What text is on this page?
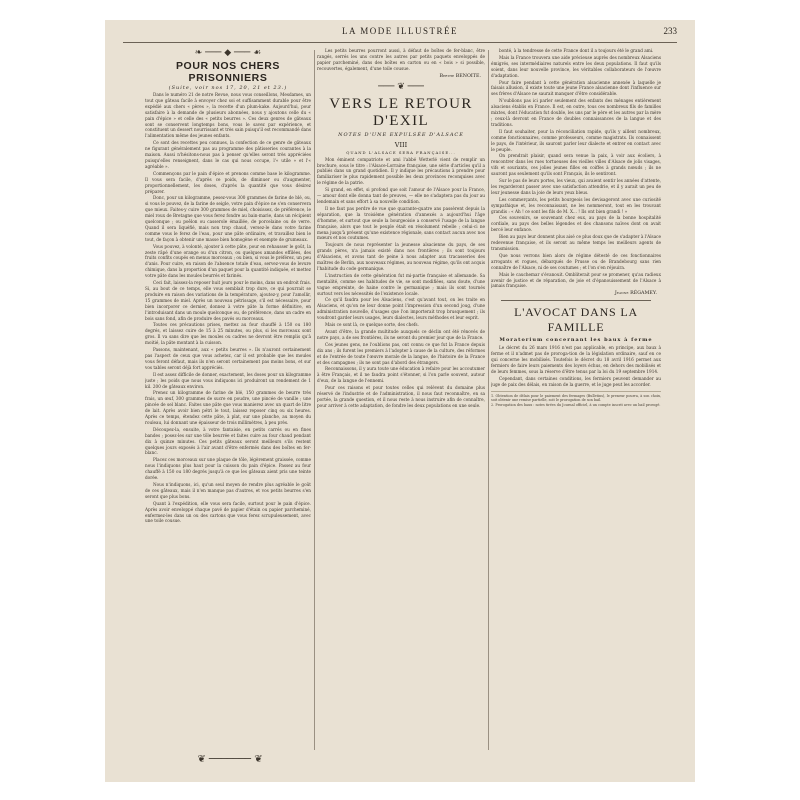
LA MODE ILLUSTRÉE	233
❧ ─── ◆ ─── ☙
POUR NOS CHERS PRISONNIERS
(Suite, voir nos 17, 20, 21 et 23.)

Dans le numéro 21 de notre Revue, nous vous conseillons, Mesdames, un tout que gâteau facile à envoyer chez soi et suffisamment durable pour être expédié aux chers « pères », la recette d'un plum-kake. Aujourd'hui, pour satisfaire à la demande de plusieurs abonnées, nous y ajoutons celle du « pain d'épice » et celle des « petits beurres ». Ces deux genres de gâteaux sont se conservent longtemps bons, vous le savez par expérience, et constituent un dessert nourrissant et très sain puisqu'il est recommandé dans l'alimentation même des jeunes enfants.

Ce sont des recettes peu connues, la confection de ce genre de gâteaux ne figurant généralement pas au programme des pâtisseries courantes à la maison. Aussi n'hésitons-nous pas à penser qu'elles seront très appréciées puisqu'elles renseignent, dans le cas qui nous occupe, l'« utile » et l'« agréable ».

Commençons par le pain d'épice et prenons comme base le kilogramme. Il vous sera facile, d'après ce poids, de diminuer ou d'augmenter, proportionnellement, les doses, d'après la quantité que vous désirez préparer.

Donc, pour un kilogramme, pesez-vous 300 grammes de farine de blé, ou, si vous le pouvez, de la farine de seigle, votre pain d'épice ne s'en conservera que mieux. Faites-y cuire 300 grammes de miel, choisissez, de préférence, le miel roux de Bretagne que vous ferez fondre au bain-marie, dans un récipient quelconque ; ou poêlon ou casserole émaillée, de porcelaine ou de verre. Quand il sera liquéfié, mais non trop chaud, versez-le dans votre farine comme vous le ferez de l'eau, pour une pâte ordinaire, et travaillez bien le tout, de façon à obtenir une masse bien homogène et exempte de grumeaux.

Vous pouvez, à volonté, ajouter à cette pâte, pour en rehausser le goût, la zeste râpé d'une orange ou d'un citron, ou quelques amandes effilées, des fruits confits coupés en menus morceaux ; ou bien, si vous le préférez, un peu d'anis. Pour cuire, en raison de l'absence totale d'eau, servez-vous de levure chimique, dans la proportion d'un paquet pour la quantité indiquée, et mettez votre pâte dans les moules beurrés et farinés.

Ceci fait, laissez-la reposer huit jours pour le moins, dans un endroit frais. Si, au bout de ce temps, elle vous semblait trop dure, ce qui pourrait se produire en raison des variations de la température, ajoutez-y, pour l'amollir, 15 grammes de miel. Après un nouveau pétrissage, s'il est nécessaire, pour bien incorporer ce dernier, donnez à votre pâte la forme définitive, en l'introduisant dans un moule quelconque ou, de préférence, dans un cadre en bois sans fond, afin de produire des pavés ou morceaux.

Toutes ces précautions prises, mettez au four chauffé à 150 ou 180 degrés, et laissez cuire de 15 à 25 minutes, ou plus, si les morceaux sont gros. Il va sans dire que les moules ou cadres ne devront être remplis qu'à moitié, la pâte montant à la cuisson.

Passons, maintenant, aux « petits beurres ». Ils n'auront certainement pas l'aspect de ceux que vous achetez, car il est probable que les moules vous feront défaut, mais ils n'en seront certainement pas moins bons, et sur vos tables seront déjà fort appréciés.

Il est assez difficile de donner, exactement, les doses pour un kilogramme juste ; les poids que nous vous indiquons ici produiront un rendement de 1 kil. 200 de gâteaux environ.

Prenez un kilogramme de farine de blé, 150 grammes de beurre très frais, un œuf, 300 grammes de sucre en poudre, une pincée de vanille ; une pincée de sel blanc. Faites une pâte que vous manierez avec un quart de litre de lait. Après avoir bien pétri le tout, laissez reposer cinq ou six heures. Après ce temps, étendez cette pâte, à plat, sur une planche, au moyen du rouleau, lui donnant une épaisseur de trois millimètres, à peu près.

Découpez-la, ensuite, à votre fantaisie, en petits carrés ou en fines bandes ; posez-les sur une tôle beurrée et faites cuire au four chaud pendant dix à quinze minutes. Ces petits gâteaux seront meilleurs s'ils restent quelques jours exposés à l'air avant d'être enfermés dans des boîtes en fer-blanc.

Placez ces morceaux sur une plaque de tôle, légèrement graissée, comme nous l'indiquons plus haut pour la cuisson du pain d'épice. Passez au four chauffé à 150 ou 180 degrés jusqu'à ce que les gâteaux aient pris une teinte dorée.

Nous n'indiquons, ici, qu'un seul moyen de rendre plus agréable le goût de ces gâteaux, mais il n'en manque pas d'autres, et vos petits beurres s'en seront que plus bons.

Quant à l'expédition, elle vous sera facile, surtout pour le pain d'épice. Après avoir enveloppé chaque pavé de papier d'étain ou papier parcheminé, enfermez-les dans un ou des cartons que vous ferez scrupuleusement, avec une toile cousue.

❦ ─────── ❦

Les petits beurres pourront aussi, à défaut de boîtes de fer-blanc, être rangés, serrés les uns contre les autres par petits paquets enveloppés de papier parcheminé, dans des boîtes en carton ou en « bois » si possible, recouvertes, également, d'une toile cousue.

Berthe BENOITE.
─── ❦ ───
VERS LE RETOUR D'EXIL
NOTES D'UNE EXPULSÉE D'ALSACE
VIII
QUAND L'ALSACE SERA FRANÇAISE...

Mon éminent compatriote et ami l'abbé Wetterlé vient de remplir un brochure, sous le titre : l'Alsace-Lorraine française, une série d'articles qu'il a publiés dans un grand quotidien. Il y indique les précautions à prendre pour familiariser le plus rapidement possible les deux provinces reconquises avec le régime de la patrie.

Si grand, en effet, si profond que soit l'amour de l'Alsace pour la France, — amour dont elle donna tant de preuves, — elle ne s'adaptera pas du jour au lendemain et sans effort à sa nouvelle condition.

Il ne faut pas perdre de vue que quarante-quatre ans passèrent depuis la séparation, que la troisième génération d'annexés a aujourd'hui l'âge d'homme, et surtout que seule la bourgeoisie a conservé l'usage de la langue française, alors que tout le peuple était en résolument rebelle ; celui-ci ne mena jusqu'à présent qu'une existence régionale, sans contact aucun avec nos mœurs et nos coutumes.

Toujours de nous représenter la jeunesse alsacienne du pays, de ses grands pères, n'a jamais existé dans nos frontières ; ils sont toujours d'Alsaciens, et avons tant de peine à nous adapter aux tracasseries des maîtres de Berlin, aux nouveaux régimes, au nouveau régime, qu'ils ont acquis l'habitude du code germanique.

L'instruction de cette génération fut mi-partie française et allemande. Sa mentalité, comme ses habitudes de vie, se sont modifiées, sans doute, d'une vague empreinte, de haine contre le germanique ; mais ils sont tournés surtout vers les nécessités de l'existence locale.

Ce qu'il faudra pour les Alsaciens, c'est qu'avant tout, on les traite en Alsaciens, et qu'on ne leur donne point l'impression d'un second joug, d'une administration nouvelle, d'usages que l'on importerait trop brusquement ; ils voudront garder leurs usages, leurs dialectes, leurs méthodes et leur esprit.

Mais ce sont là, ce quelque sorte, des chefs.

Avant d'être, la grande multitude auxquels ce déclin ont été rénovés de notre pays, a de ses frontières, ils ne seront du premier jour que de la France.

Ces jeunes gens, ne l'oublions pas, ont connu ce que fut la France depuis dix ans ; ils furent les premiers à l'adopter à cause de la culture, des réformes et de l'entrée de toute l'œuvre morale de la langue, de l'histoire de la France et des campagnes ; ils ne sont pas d'abord des étrangers.

Reconnaissons, il y aura toute une éducation à refaire pour les accoutumer à être Français, et il ne faudra point s'étonner, si l'on parle souvent, autour d'eux, de la langue de l'ennemi.

Pour ces raisons et pour toutes celles qui relèvent du domaine plus réservé de l'industrie et de l'administration, il nous faut reconnaître, en sa portée, la grande question, et il nous reste à nous instruire afin de connaître, pour arriver à cette adaptation, de fondre les deux populations en une seule.

bonté, à la tendresse de cette France dont il a toujours été le grand ami.

Mais la France trouvera une aide précieuse auprès des nombreux Alsaciens émigrés, ses intermédiaires naturels entre les deux populations. Il faut qu'ils soient, dans leur nouvelle province, les véritables collaborateurs de l'œuvre d'adaptation.

Pour faire pendant à cette génération alsacienne annexée à laquelle je faisais allusion, il existe toute une jeune France alsacienne dont l'influence sur ses frères d'Alsace ne saurait manquer d'être considérable.

N'oublions pas ici parler seulement des enfants des ménages entièrement alsaciens établis en France. Il est, en outre, tous ces nombreux fils de familles mixtes, dont l'éducation fut double, les uns par le père et les autres par la mère ; ceux-là devront en France de doubles connaissances de la langue et des traditions.

Il faut souhaiter, pour la réconciliation rapide, qu'ils y aillent nombreux, comme fonctionnaires, comme professeurs, comme magistrats. Ils connaissent le pays, de l'intérieur, ils sauront parler leur dialecte et entrer en contact avec le peuple.

On prendrait plaisir, quand sera venue la paix, à voir aux écoliers, à rencontrer dans les rues tortueuses des vieilles villes d'Alsace de jolis visages, vifs et souriants, ces jolies jeunes filles en coiffes à grands nœuds ; ils ne sauront pas seulement qu'ils sont Français, ils le sentiront.

Sur le pas de leurs portes, les vieux, qui avaient sentir les années d'attente, les regarderont passer avec une satisfaction attendrie, et il y aurait un peu de leur jeunesse dans la joie de leurs yeux bleus.

Les commerçants, les petits bourgeois les devisageront avec une curiosité sympathique et, les reconnaissant, ne les nommeront, tout en les trouvant grandis : « Ah ! ce sont les fils de M. X... ! Ils ont bien grandi ! »

Ces souvenirs, se souvenant chez eux, au pays de la bonne hospitalité cordiale, au pays des belles légendes et des chansons naïves dont on avait bercé leur enfance.

Bien au pays leur donnent plus aisé ce plus doux que de s'adapter à l'Alsace redevenue française, et ils seront au même temps les meilleurs agents de transmission.

Que nous verrons bien alors de régime détesté de ces fonctionnaires arrogants et rogues, débarqués de Prusse ou de Brandebourg sans rien connaître de l'Alsace, ni de ses coutumes ; et l'on s'en réjouira.

Mais le cauchemar s'évanouit. Ombliterait pour se promener, qu'au radieux avenir de justice et de réparation, de joie et d'épanouissement de l'Alsace à jamais française.

Jeanne RÉGAMEY.
L'AVOCAT DANS LA FAMILLE
Moratorium concernant les baux à ferme

Le décret du 26 mars 1916 n'est pas applicable, en principe, aux baux à ferme et il n'admet pas de proroga-tion de la législation ordinaire, sauf en ce qui concerne les mobilisés. Toutefois le décret du 18 avril 1916 permet aux fermiers de faire leurs paiements des loyers échus, en dehors des mobilisés et de leurs femmes, sous la réserve d'être tenus par la loi du 19 septembre 1914.

Cependant, dans certaines conditions, les fermiers peuvent demander au juge de paix des délais, en raison de la guerre, et le juge peut les accorder.

1. Obtention de délais pour le paiement des fermages (Bulletins), le preneur pourra, à son choix, soit obtenir une remise partielle, soit le prorogation de son bail.
2. Prorogation des baux : notes tirées du Journal officiel, à un compte inscrit avec un bail prorogé.
